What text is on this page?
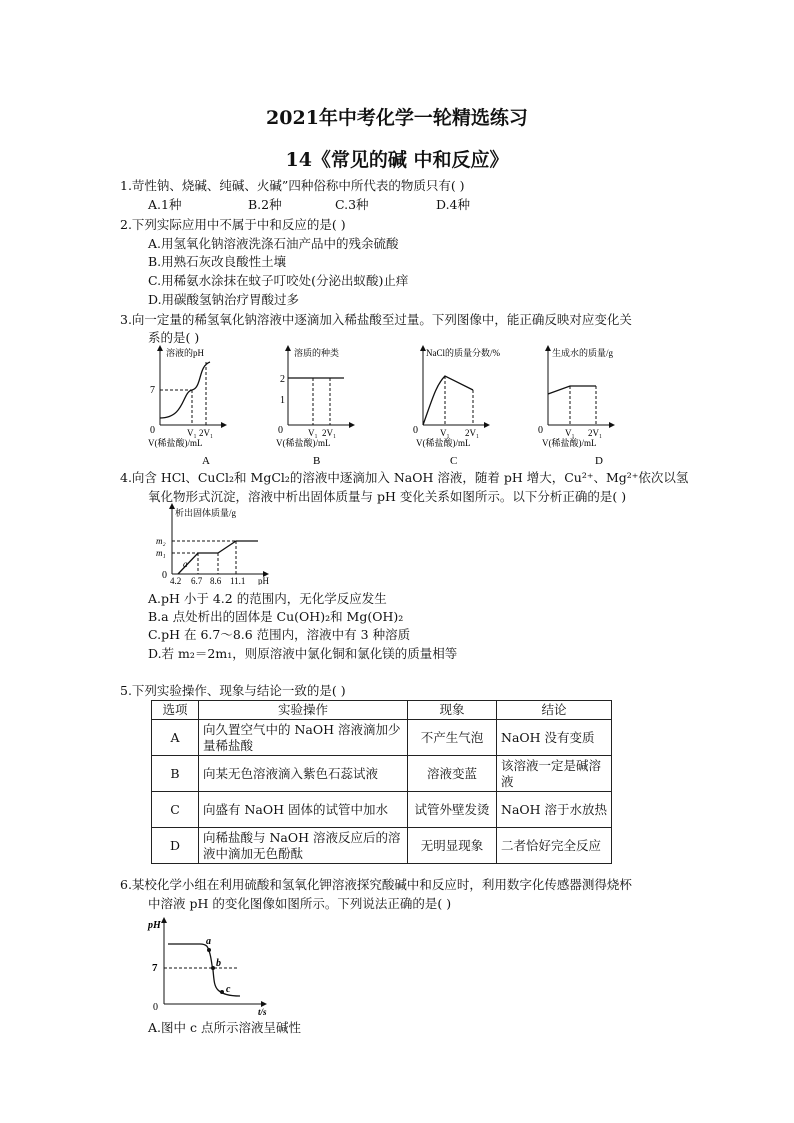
2021年中考化学一轮精选练习
14《常见的碱 中和反应》
1.苛性钠、烧碱、纯碱、火碱”四种俗称中所代表的物质只有( )
A.1种	B.2种	C.3种	D.4种
2.下列实际应用中不属于中和反应的是( )
A.用氢氧化钠溶液洗涤石油产品中的残余硫酸
B.用熟石灰改良酸性土壤
C.用稀氨水涂抹在蚊子叮咬处(分泌出蚁酸)止痒
D.用碳酸氢钠治疗胃酸过多
3.向一定量的稀氢氧化钠溶液中逐滴加入稀盐酸至过量。下列图像中，能正确反映对应变化关
系的是( )
溶液的pH
7
0	V₁ 2V₁
V(稀盐酸)/mL
A
溶质的种类
2
1
0	V₁ 2V₁
V(稀盐酸)/mL
B
NaCl的质量分数/%
0 V₁ 2V₁
V(稀盐酸)/mL
C
生成水的质量/g
0 V₁ 2V₁
V(稀盐酸)/mL
D
4.向含 HCl、CuCl₂和 MgCl₂的溶液中逐滴加入 NaOH 溶液，随着 pH 增大，Cu²⁺、Mg²⁺依次以氢
氧化物形式沉淀，溶液中析出固体质量与 pH 变化关系如图所示。以下分析正确的是( )
析出固体质量/g
m₂
m₁
0
a
4.2 6.7 8.6 11.1 pH
A.pH 小于 4.2 的范围内，无化学反应发生
B.a 点处析出的固体是 Cu(OH)₂和 Mg(OH)₂
C.pH 在 6.7～8.6 范围内，溶液中有 3 种溶质
D.若 m₂＝2m₁，则原溶液中氯化铜和氯化镁的质量相等
5.下列实验操作、现象与结论一致的是( )
选项	实验操作	现象	结论
A	向久置空气中的 NaOH 溶液滴加少量稀盐酸	不产生气泡	NaOH 没有变质
B	向某无色溶液滴入紫色石蕊试液	溶液变蓝	该溶液一定是碱溶液
C	向盛有 NaOH 固体的试管中加水	试管外壁发烫	NaOH 溶于水放热
D	向稀盐酸与 NaOH 溶液反应后的溶液中滴加无色酚酞	无明显现象	二者恰好完全反应
6.某校化学小组在利用硫酸和氢氧化钾溶液探究酸碱中和反应时，利用数字化传感器测得烧杯
中溶液 pH 的变化图像如图所示。下列说法正确的是( )
pH
7
0
a
b
c
t/s
A.图中 c 点所示溶液呈碱性
